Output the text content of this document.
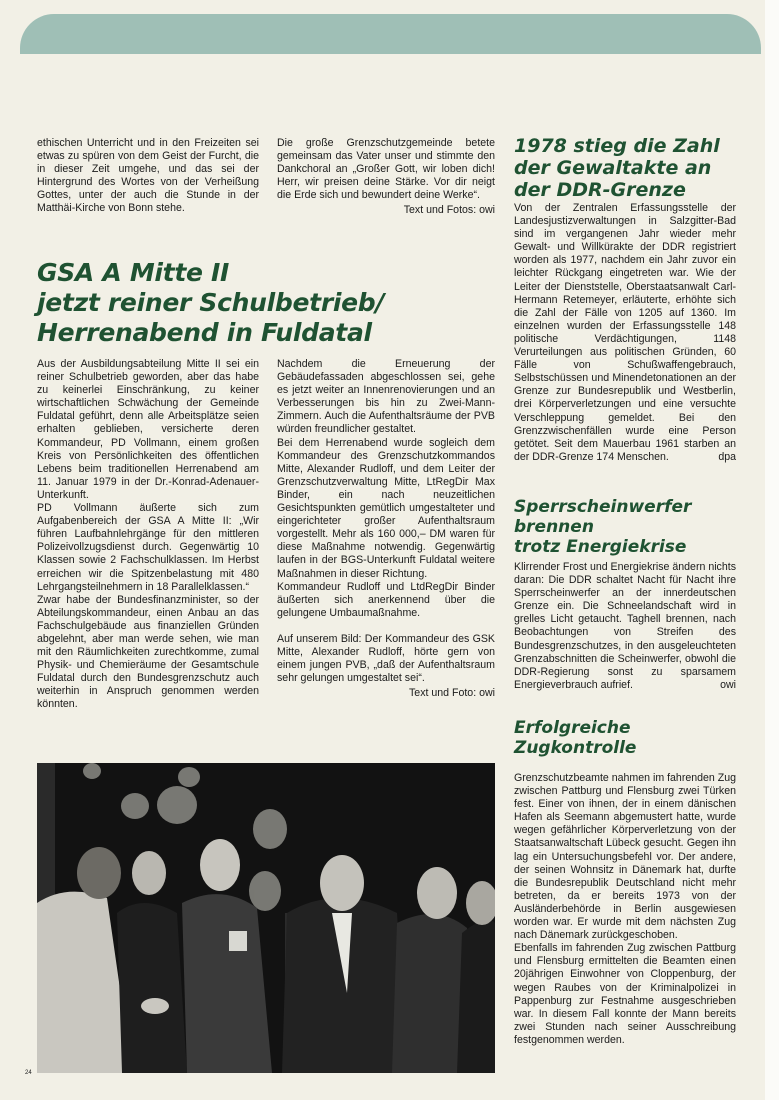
ethischen Unterricht und in den Freizeiten sei etwas zu spüren von dem Geist der Furcht, die in dieser Zeit umgehe, und das sei der Hintergrund des Wortes von der Verheißung Gottes, unter der auch die Stunde in der Matthäi-Kirche von Bonn stehe.

Die große Grenzschutzgemeinde betete gemeinsam das Vater unser und stimmte den Dankchoral an „Großer Gott, wir loben dich! Herr, wir preisen deine Stärke. Vor dir neigt die Erde sich und bewundert deine Werke“.

Text und Fotos: owi

GSA A Mitte II
jetzt reiner Schulbetrieb/
Herrenabend in Fuldatal

Aus der Ausbildungsabteilung Mitte II sei ein reiner Schulbetrieb geworden, aber das habe zu keinerlei Einschränkung, zu keiner wirtschaftlichen Schwächung der Gemeinde Fuldatal geführt, denn alle Arbeitsplätze seien erhalten geblieben, versicherte deren Kommandeur, PD Vollmann, einem großen Kreis von Persönlichkeiten des öffentlichen Lebens beim traditionellen Herrenabend am 11. Januar 1979 in der Dr.-Konrad-Adenauer-Unterkunft.

PD Vollmann äußerte sich zum Aufgabenbereich der GSA A Mitte II: „Wir führen Laufbahnlehrgänge für den mittleren Polizeivollzugsdienst durch. Gegenwärtig 10 Klassen sowie 2 Fachschulklassen. Im Herbst erreichen wir die Spitzenbelastung mit 480 Lehrgangsteilnehmern in 18 Parallelklassen.“

Zwar habe der Bundesfinanzminister, so der Abteilungskommandeur, einen Anbau an das Fachschulgebäude aus finanziellen Gründen abgelehnt, aber man werde sehen, wie man mit den Räumlichkeiten zurechtkomme, zumal Physik- und Chemieräume der Gesamtschule Fuldatal durch den Bundesgrenzschutz auch weiterhin in Anspruch genommen werden könnten.

Nachdem die Erneuerung der Gebäudefassaden abgeschlossen sei, gehe es jetzt weiter an Innenrenovierungen und an Verbesserungen bis hin zu Zwei-Mann-Zimmern. Auch die Aufenthaltsräume der PVB würden freundlicher gestaltet.

Bei dem Herrenabend wurde sogleich dem Kommandeur des Grenzschutzkommandos Mitte, Alexander Rudloff, und dem Leiter der Grenzschutzverwaltung Mitte, LtRegDir Max Binder, ein nach neuzeitlichen Gesichtspunkten gemütlich umgestalteter und eingerichteter großer Aufenthaltsraum vorgestellt. Mehr als 160 000,– DM waren für diese Maßnahme notwendig. Gegenwärtig laufen in der BGS-Unterkunft Fuldatal weitere Maßnahmen in dieser Richtung.

Kommandeur Rudloff und LtdRegDir Binder äußerten sich anerkennend über die gelungene Umbaumaßnahme.

Auf unserem Bild: Der Kommandeur des GSK Mitte, Alexander Rudloff, hörte gern von einem jungen PVB, „daß der Aufenthaltsraum sehr gelungen umgestaltet sei“.

Text und Foto: owi

24
1978 stieg die Zahl
der Gewaltakte an
der DDR-Grenze

Von der Zentralen Erfassungsstelle der Landesjustizverwaltungen in Salzgitter-Bad sind im vergangenen Jahr wieder mehr Gewalt- und Willkürakte der DDR registriert worden als 1977, nachdem ein Jahr zuvor ein leichter Rückgang eingetreten war. Wie der Leiter der Dienststelle, Oberstaatsanwalt Carl-Hermann Retemeyer, erläuterte, erhöhte sich die Zahl der Fälle von 1205 auf 1360. Im einzelnen wurden der Erfassungsstelle 148 politische Verdächtigungen, 1148 Verurteilungen aus politischen Gründen, 60 Fälle von Schußwaffengebrauch, Selbstschüssen und Minendetonationen an der Grenze zur Bundesrepublik und Westberlin, drei Körperverletzungen und eine versuchte Verschleppung gemeldet. Bei den Grenzzwischenfällen wurde eine Person getötet. Seit dem Mauerbau 1961 starben an der DDR-Grenze 174 Menschen.	dpa

Sperrscheinwerfer
brennen
trotz Energiekrise

Klirrender Frost und Energiekrise ändern nichts daran: Die DDR schaltet Nacht für Nacht ihre Sperrscheinwerfer an der innerdeutschen Grenze ein. Die Schneelandschaft wird in grelles Licht getaucht. Taghell brennen, nach Beobachtungen von Streifen des Bundesgrenzschutzes, in den ausgeleuchteten Grenzabschnitten die Scheinwerfer, obwohl die DDR-Regierung sonst zu sparsamem Energieverbrauch aufrief.	owi

Erfolgreiche
Zugkontrolle

Grenzschutzbeamte nahmen im fahrenden Zug zwischen Pattburg und Flensburg zwei Türken fest. Einer von ihnen, der in einem dänischen Hafen als Seemann abgemustert hatte, wurde wegen gefährlicher Körperverletzung von der Staatsanwaltschaft Lübeck gesucht. Gegen ihn lag ein Untersuchungsbefehl vor. Der andere, der seinen Wohnsitz in Dänemark hat, durfte die Bundesrepublik Deutschland nicht mehr betreten, da er bereits 1973 von der Ausländerbehörde in Berlin ausgewiesen worden war. Er wurde mit dem nächsten Zug nach Dänemark zurückgeschoben.

Ebenfalls im fahrenden Zug zwischen Pattburg und Flensburg ermittelten die Beamten einen 20jährigen Einwohner von Cloppenburg, der wegen Raubes von der Kriminalpolizei in Pappenburg zur Festnahme ausgeschrieben war. In diesem Fall konnte der Mann bereits zwei Stunden nach seiner Ausschreibung festgenommen werden.
